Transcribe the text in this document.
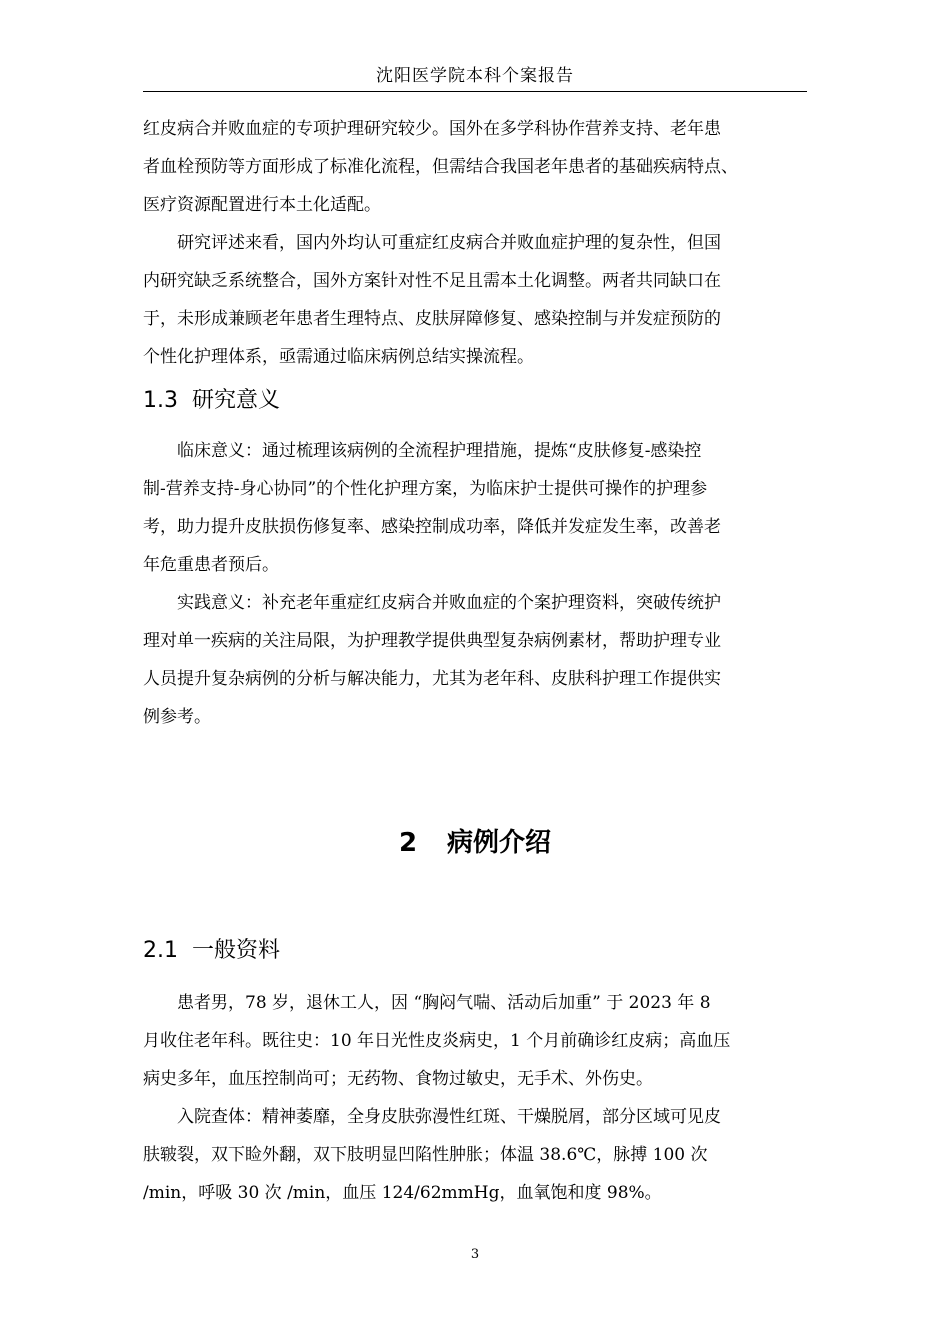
沈阳医学院本科个案报告

红皮病合并败血症的专项护理研究较少。国外在多学科协作营养支持、老年患
者血栓预防等方面形成了标准化流程，但需结合我国老年患者的基础疾病特点、
医疗资源配置进行本土化适配。

研究评述来看，国内外均认可重症红皮病合并败血症护理的复杂性，但国
内研究缺乏系统整合，国外方案针对性不足且需本土化调整。两者共同缺口在
于，未形成兼顾老年患者生理特点、皮肤屏障修复、感染控制与并发症预防的
个性化护理体系，亟需通过临床病例总结实操流程。

1.3 研究意义

临床意义：通过梳理该病例的全流程护理措施，提炼“皮肤修复-感染控
制-营养支持-身心协同”的个性化护理方案，为临床护士提供可操作的护理参
考，助力提升皮肤损伤修复率、感染控制成功率，降低并发症发生率，改善老
年危重患者预后。

实践意义：补充老年重症红皮病合并败血症的个案护理资料，突破传统护
理对单一疾病的关注局限，为护理教学提供典型复杂病例素材，帮助护理专业
人员提升复杂病例的分析与解决能力，尤其为老年科、皮肤科护理工作提供实
例参考。

2 病例介绍
2.1 一般资料

患者男，78 岁，退休工人，因 “胸闷气喘、活动后加重” 于 2023 年 8
月收住老年科。既往史：10 年日光性皮炎病史，1 个月前确诊红皮病；高血压
病史多年，血压控制尚可；无药物、食物过敏史，无手术、外伤史。

入院查体：精神萎靡，全身皮肤弥漫性红斑、干燥脱屑，部分区域可见皮
肤皲裂，双下睑外翻，双下肢明显凹陷性肿胀；体温 38.6℃，脉搏 100 次
/min，呼吸 30 次 /min，血压 124/62mmHg，血氧饱和度 98%。

3
